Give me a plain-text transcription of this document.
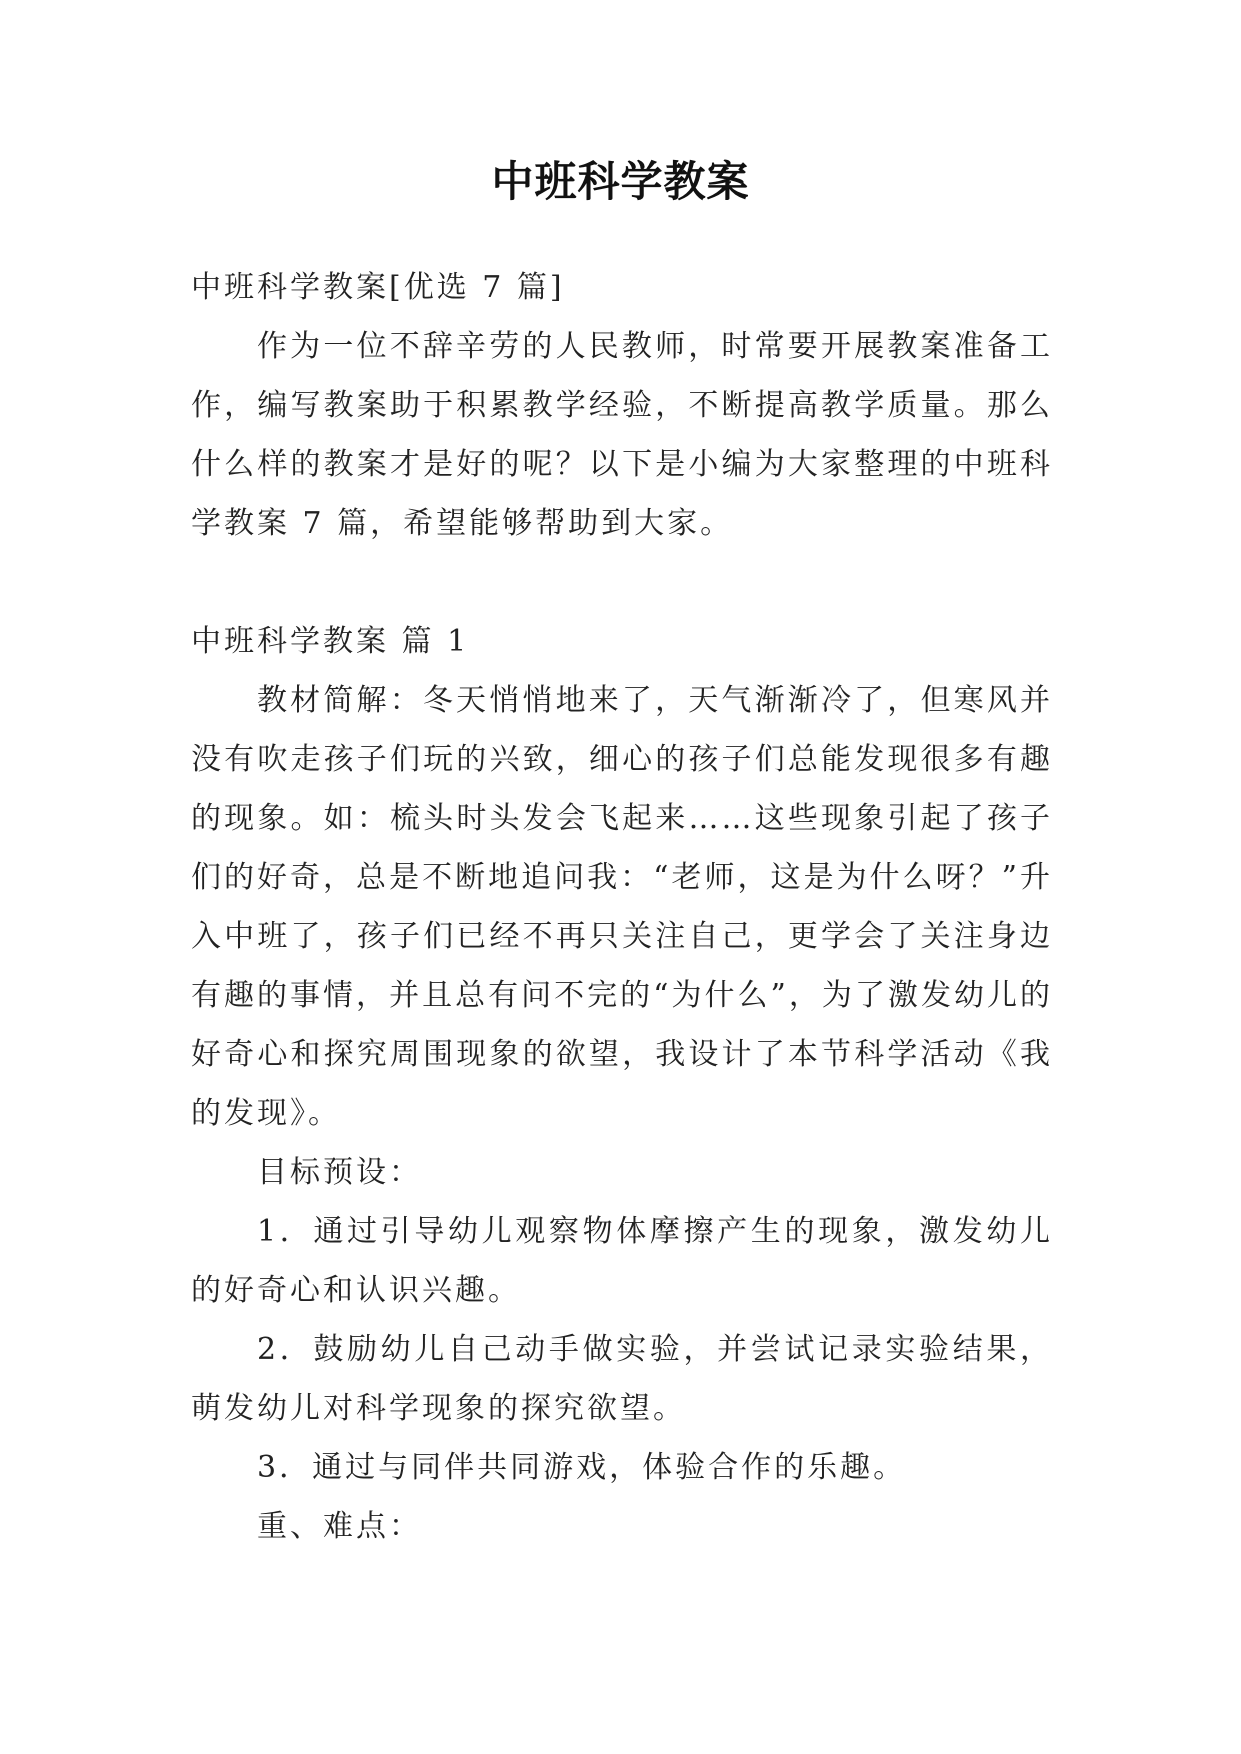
中班科学教案

中班科学教案[优选 7 篇]

作为一位不辞辛劳的人民教师，时常要开展教案准备工作，编写教案助于积累教学经验，不断提高教学质量。那么什么样的教案才是好的呢？以下是小编为大家整理的中班科学教案 7 篇，希望能够帮助到大家。

中班科学教案 篇 1

教材简解：冬天悄悄地来了，天气渐渐冷了，但寒风并没有吹走孩子们玩的兴致，细心的孩子们总能发现很多有趣的现象。如：梳头时头发会飞起来……这些现象引起了孩子们的好奇，总是不断地追问我：“老师，这是为什么呀？”升入中班了，孩子们已经不再只关注自己，更学会了关注身边有趣的事情，并且总有问不完的“为什么”，为了激发幼儿的好奇心和探究周围现象的欲望，我设计了本节科学活动《我的发现》。

目标预设：

1．通过引导幼儿观察物体摩擦产生的现象，激发幼儿的好奇心和认识兴趣。

2．鼓励幼儿自己动手做实验，并尝试记录实验结果，萌发幼儿对科学现象的探究欲望。

3．通过与同伴共同游戏，体验合作的乐趣。

重、难点：
